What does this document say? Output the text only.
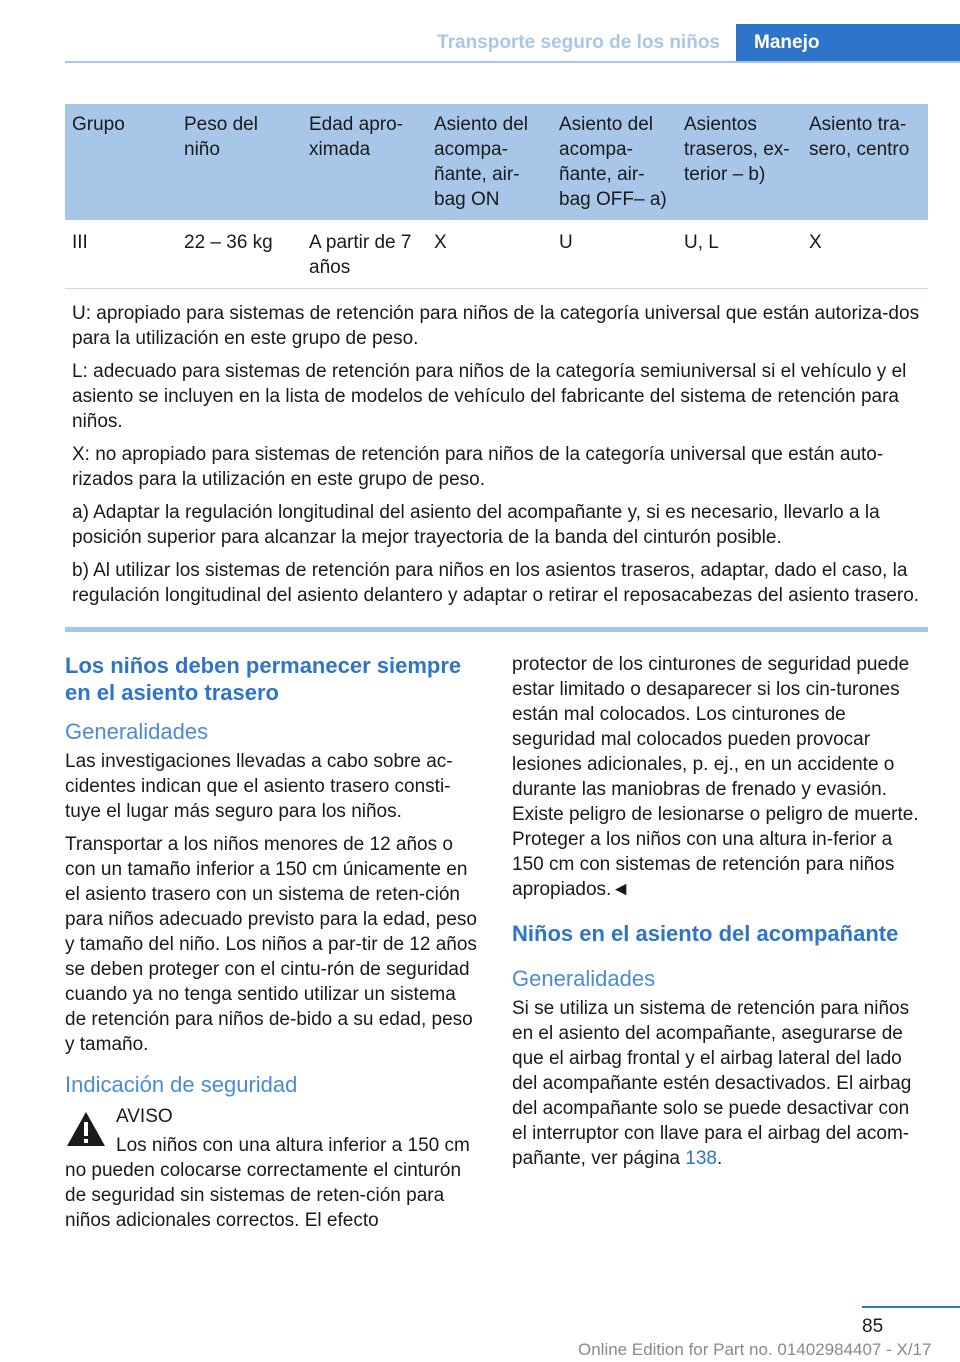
Transporte seguro de los niños	Manejo
Grupo	Peso del niño	Edad apro-ximada	Asiento del acompa-ñante, air-bag ON	Asiento del acompa-ñante, air-bag OFF– a)	Asientos traseros, ex-terior – b)	Asiento tra-sero, centro
III	22 – 36 kg	A partir de 7 años	X	U	U, L	X

U: apropiado para sistemas de retención para niños de la categoría universal que están autoriza-dos para la utilización en este grupo de peso.

L: adecuado para sistemas de retención para niños de la categoría semiuniversal si el vehículo y el asiento se incluyen en la lista de modelos de vehículo del fabricante del sistema de retención para niños.

X: no apropiado para sistemas de retención para niños de la categoría universal que están auto-rizados para la utilización en este grupo de peso.

a) Adaptar la regulación longitudinal del asiento del acompañante y, si es necesario, llevarlo a la posición superior para alcanzar la mejor trayectoria de la banda del cinturón posible.

b) Al utilizar los sistemas de retención para niños en los asientos traseros, adaptar, dado el caso, la regulación longitudinal del asiento delantero y adaptar o retirar el reposacabezas del asiento trasero.						

Los niños deben permanecer siempre en el asiento trasero
Generalidades

Las investigaciones llevadas a cabo sobre ac-cidentes indican que el asiento trasero consti-tuye el lugar más seguro para los niños.

Transportar a los niños menores de 12 años o con un tamaño inferior a 150 cm únicamente en el asiento trasero con un sistema de reten-ción para niños adecuado previsto para la edad, peso y tamaño del niño. Los niños a par-tir de 12 años se deben proteger con el cintu-rón de seguridad cuando ya no tenga sentido utilizar un sistema de retención para niños de-bido a su edad, peso y tamaño.

Indicación de seguridad
AVISO

Los niños con una altura inferior a 150 cm no pueden colocarse correctamente el cinturón de seguridad sin sistemas de reten-ción para niños adicionales correctos. El efecto

protector de los cinturones de seguridad puede estar limitado o desaparecer si los cin-turones están mal colocados. Los cinturones de seguridad mal colocados pueden provocar lesiones adicionales, p. ej., en un accidente o durante las maniobras de frenado y evasión. Existe peligro de lesionarse o peligro de muerte. Proteger a los niños con una altura in-ferior a 150 cm con sistemas de retención para niños apropiados.◄

Niños en el asiento del acompañante
Generalidades

Si se utiliza un sistema de retención para niños en el asiento del acompañante, asegurarse de que el airbag frontal y el airbag lateral del lado del acompañante estén desactivados. El airbag del acompañante solo se puede desactivar con el interruptor con llave para el airbag del acom-pañante, ver página 138.

85
Online Edition for Part no. 01402984407 - X/17
